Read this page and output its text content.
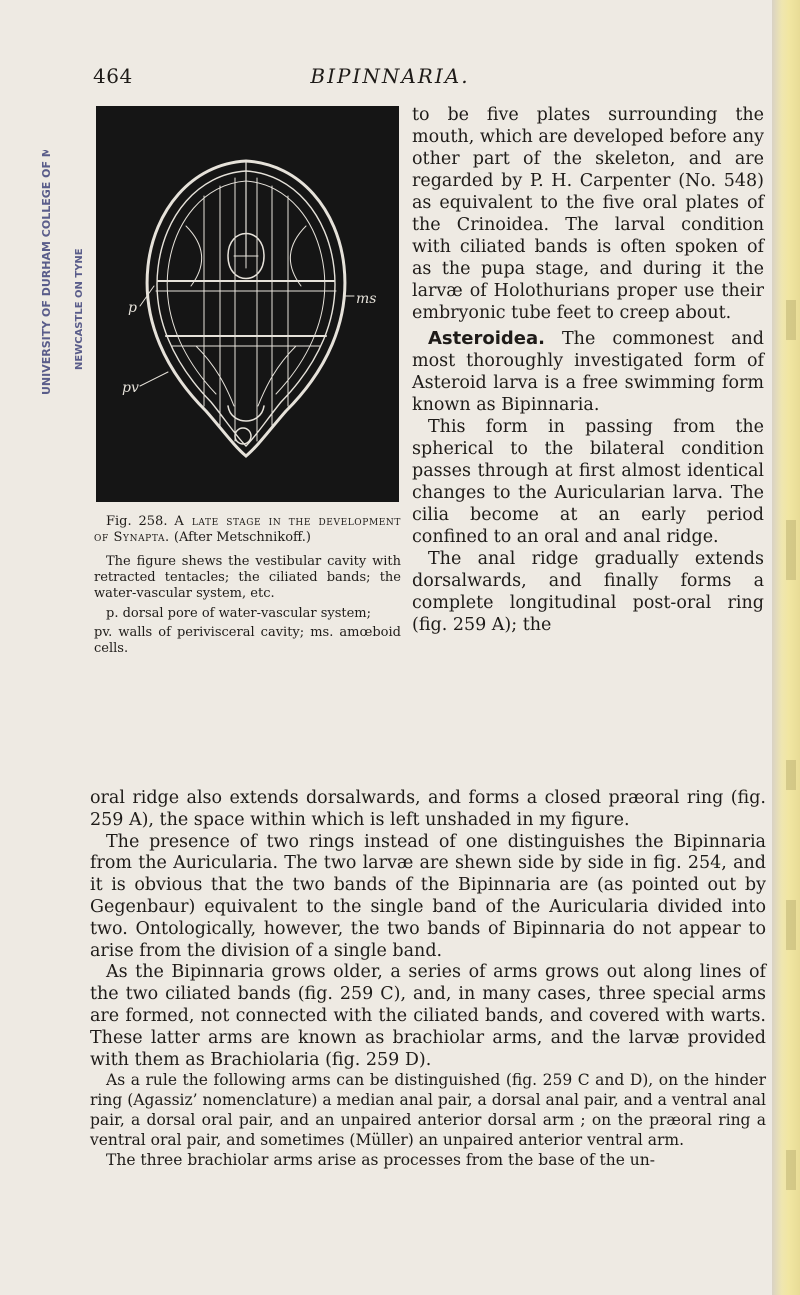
UNIVERSITY OF DURHAM COLLEGE OF MEDICINE NEWCASTLE ON TYNE
464	BIPINNARIA.
p
ms
pv

Fig. 258. A late stage in the development of Synapta. (After Metschnikoff.)

The figure shews the vestibular cavity with retracted tentacles; the ciliated bands; the water-vascular system, etc.

p. dorsal pore of water-vascular system;

pv. walls of perivisceral cavity; ms. amœboid cells.

to be five plates surrounding the mouth, which are developed before any other part of the skeleton, and are regarded by P. H. Carpenter (No. 548) as equivalent to the five oral plates of the Crinoidea. The larval condition with ciliated bands is often spoken of as the pupa stage, and during it the larvæ of Holothurians proper use their embryonic tube feet to creep about.

Asteroidea. The commonest and most thoroughly investigated form of Asteroid larva is a free swimming form known as Bipinnaria.

This form in passing from the spherical to the bilateral condition passes through at first almost identical changes to the Auricularian larva. The cilia become at an early period confined to an oral and anal ridge.

The anal ridge gradually extends dorsalwards, and finally forms a complete longitudinal post-oral ring (fig. 259 A); the

oral ridge also extends dorsalwards, and forms a closed præoral ring (fig. 259 A), the space within which is left unshaded in my figure.

The presence of two rings instead of one distinguishes the Bipinnaria from the Auricularia. The two larvæ are shewn side by side in fig. 254, and it is obvious that the two bands of the Bipinnaria are (as pointed out by Gegenbaur) equivalent to the single band of the Auricularia divided into two. Ontologically, however, the two bands of Bipinnaria do not appear to arise from the division of a single band.

As the Bipinnaria grows older, a series of arms grows out along lines of the two ciliated bands (fig. 259 C), and, in many cases, three special arms are formed, not connected with the ciliated bands, and covered with warts. These latter arms are known as brachiolar arms, and the larvæ provided with them as Brachiolaria (fig. 259 D).

As a rule the following arms can be distinguished (fig. 259 C and D), on the hinder ring (Agassiz’ nomenclature) a median anal pair, a dorsal anal pair, and a ventral anal pair, a dorsal oral pair, and an unpaired anterior dorsal arm ; on the præoral ring a ventral oral pair, and sometimes (Müller) an unpaired anterior ventral arm.

The three brachiolar arms arise as processes from the base of the un-
